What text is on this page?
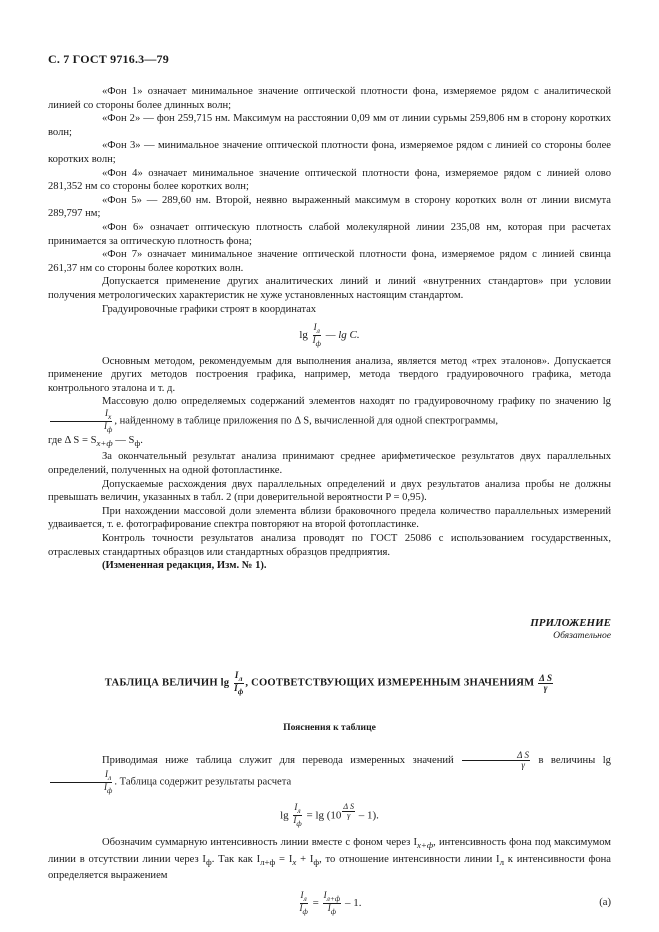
С. 7 ГОСТ 9716.3—79

«Фон 1» означает минимальное значение оптической плотности фона, измеряемое рядом с аналитической линией со стороны более длинных волн;

«Фон 2» — фон 259,715 нм. Максимум на расстоянии 0,09 мм от линии сурьмы 259,806 нм в сторону коротких волн;

«Фон 3» — минимальное значение оптической плотности фона, измеряемое рядом с линией со стороны более коротких волн;

«Фон 4» означает минимальное значение оптической плотности фона, измеряемое рядом с линией олово 281,352 нм со стороны более коротких волн;

«Фон 5» — 289,60 нм. Второй, неявно выраженный максимум в сторону коротких волн от линии висмута 289,797 нм;

«Фон 6» означает оптическую плотность слабой молекулярной линии 235,08 нм, которая при расчетах принимается за оптическую плотность фона;

«Фон 7» означает минимальное значение оптической плотности фона, измеряемое рядом с линией свинца 261,37 нм со стороны более коротких волн.

Допускается применение других аналитических линий и линий «внутренних стандартов» при условии получения метрологических характеристик не хуже установленных настоящим стандартом.

Градуировочные графики строят в координатах

$\lg \frac{I_л}{I_ф}$ — lg C.

Основным методом, рекомендуемым для выполнения анализа, является метод «трех эталонов». Допускается применение других методов построения графика, например, метода твердого градуировочного графика, метода контрольного эталона и т. д.

Массовую долю определяемых содержаний элементов находят по градуировочному графику по значению lg
$\frac{I_x}{I_ф}$ , найденному в таблице приложения по Δ S, вычисленной для одной спектрограммы,

где Δ $S = S_{x+ф}$ — $S_ф$.

За окончательный результат анализа принимают среднее арифметическое результатов двух параллельных определений, полученных на одной фотопластинке.

Допускаемые расхождения двух параллельных определений и двух результатов анализа пробы не должны превышать величин, указанных в табл. 2 (при доверительной вероятности P = 0,95).

При нахождении массовой доли элемента вблизи браковочного предела количество параллельных измерений удваивается, т. е. фотографирование спектра повторяют на второй фотопластинке.

Контроль точности результатов анализа проводят по ГОСТ 25086 с использованием государственных, отраслевых стандартных образцов или стандартных образцов предприятия.

(Измененная редакция, Изм. № 1).

ПРИЛОЖЕНИЕ
Обязательное
ТАБЛИЦА ВЕЛИЧИН $\lg \frac{I_л}{I_ф}$ , СООТВЕТСТВУЮЩИХ ИЗМЕРЕННЫМ ЗНАЧЕНИЯМ $\frac{\text{Δ S}}{\gamma}$
Пояснения к таблице

Приводимая ниже таблица служит для перевода измеренных значений $\frac{\text{Δ S}}{\gamma}$ в величины lg
$\frac{I_л}{I_ф}$ . Таблица содержит результаты расчета

$\lg \frac{I_л}{I_ф} = \lg (10$ $^{\frac{\text{Δ S}}{\gamma}}$ – 1).

Обозначим суммарную интенсивность линии вместе с фоном через $I_{x+ф}$, интенсивность фона под максимумом линии в отсутствии линии через $I_ф$. Так как $I_{л+ф} = I_x + I_ф$, то отношение интенсивности линии $I_л$ к интенсивности фона определяется выражением

$\frac{I_л}{I_ф} = \frac{I_{л+ф}}{I_ф} - 1$.	(a)
